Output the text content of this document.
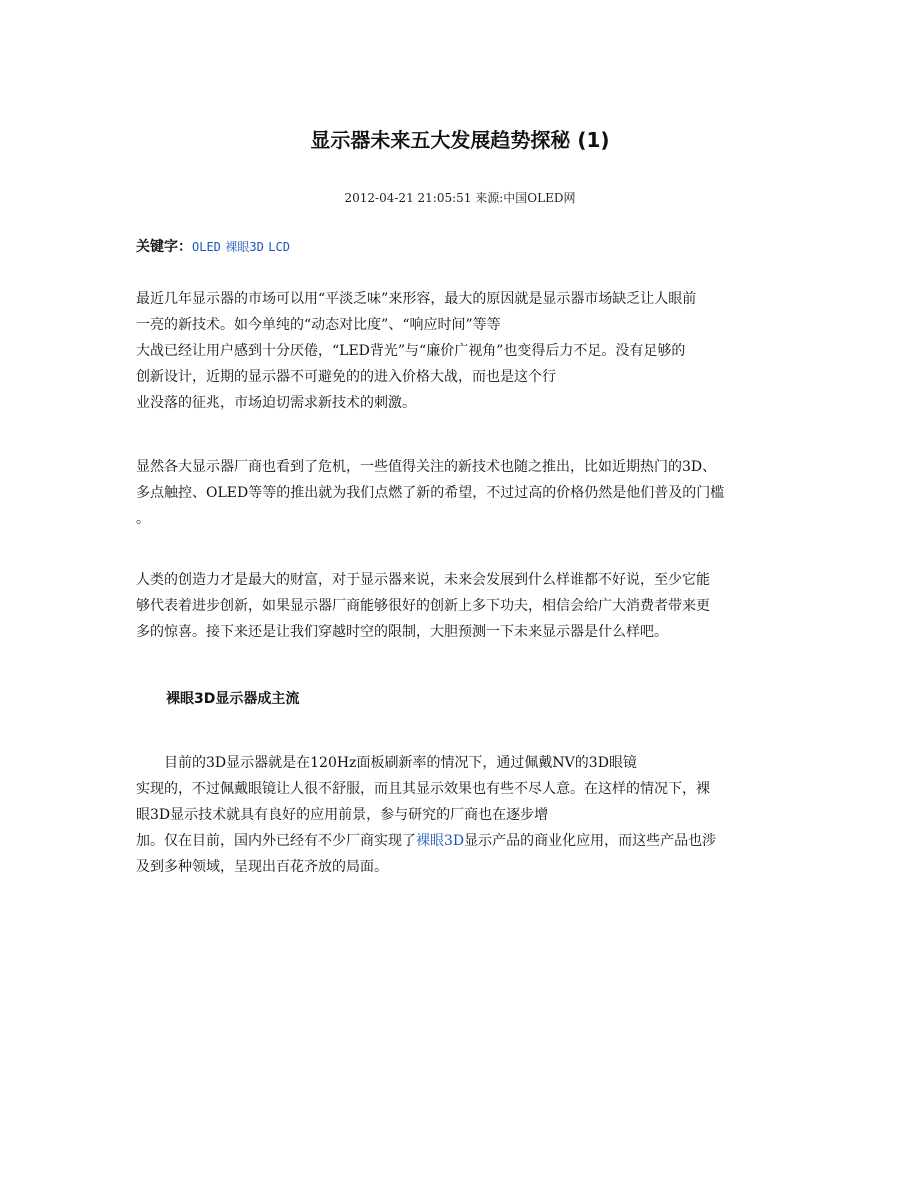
显示器未来五大发展趋势探秘 (1)
2012-04-21 21:05:51 来源:中国OLED网
关键字：OLED 裸眼3D LCD

最近几年显示器的市场可以用“平淡乏味”来形容，最大的原因就是显示器市场缺乏让人眼前
一亮的新技术。如今单纯的“动态对比度”、“响应时间”等等
大战已经让用户感到十分厌倦，“LED背光”与“廉价广视角”也变得后力不足。没有足够的
创新设计，近期的显示器不可避免的的进入价格大战，而也是这个行
业没落的征兆，市场迫切需求新技术的刺激。

显然各大显示器厂商也看到了危机，一些值得关注的新技术也随之推出，比如近期热门的3D、
多点触控、OLED等等的推出就为我们点燃了新的希望，不过过高的价格仍然是他们普及的门槛
。

人类的创造力才是最大的财富，对于显示器来说，未来会发展到什么样谁都不好说，至少它能
够代表着进步创新，如果显示器厂商能够很好的创新上多下功夫，相信会给广大消费者带来更
多的惊喜。接下来还是让我们穿越时空的限制，大胆预测一下未来显示器是什么样吧。

裸眼3D显示器成主流

目前的3D显示器就是在120Hz面板刷新率的情况下，通过佩戴NV的3D眼镜
实现的，不过佩戴眼镜让人很不舒服，而且其显示效果也有些不尽人意。在这样的情况下，裸
眼3D显示技术就具有良好的应用前景，参与研究的厂商也在逐步增
加。仅在目前，国内外已经有不少厂商实现了裸眼3D显示产品的商业化应用，而这些产品也涉
及到多种领域，呈现出百花齐放的局面。
